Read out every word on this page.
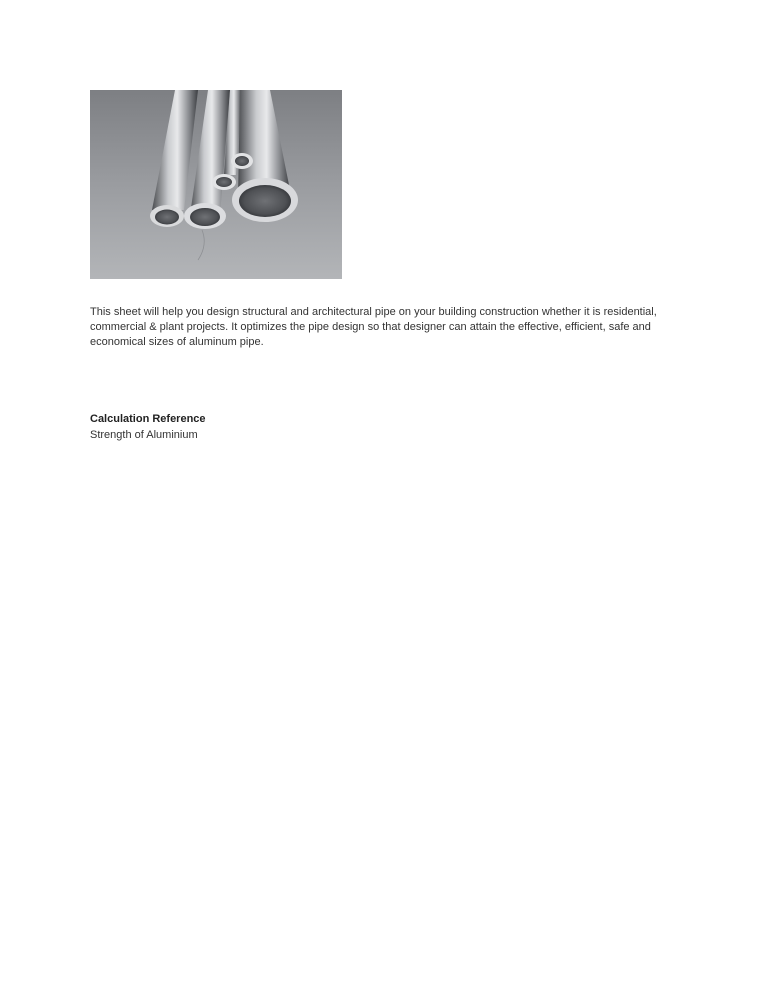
This sheet will help you design structural and architectural pipe on your building construction whether it is residential, commercial & plant projects. It optimizes the pipe design so that designer can attain the effective, efficient, safe and economical sizes of aluminum pipe.

Calculation Reference

Strength of Aluminium
